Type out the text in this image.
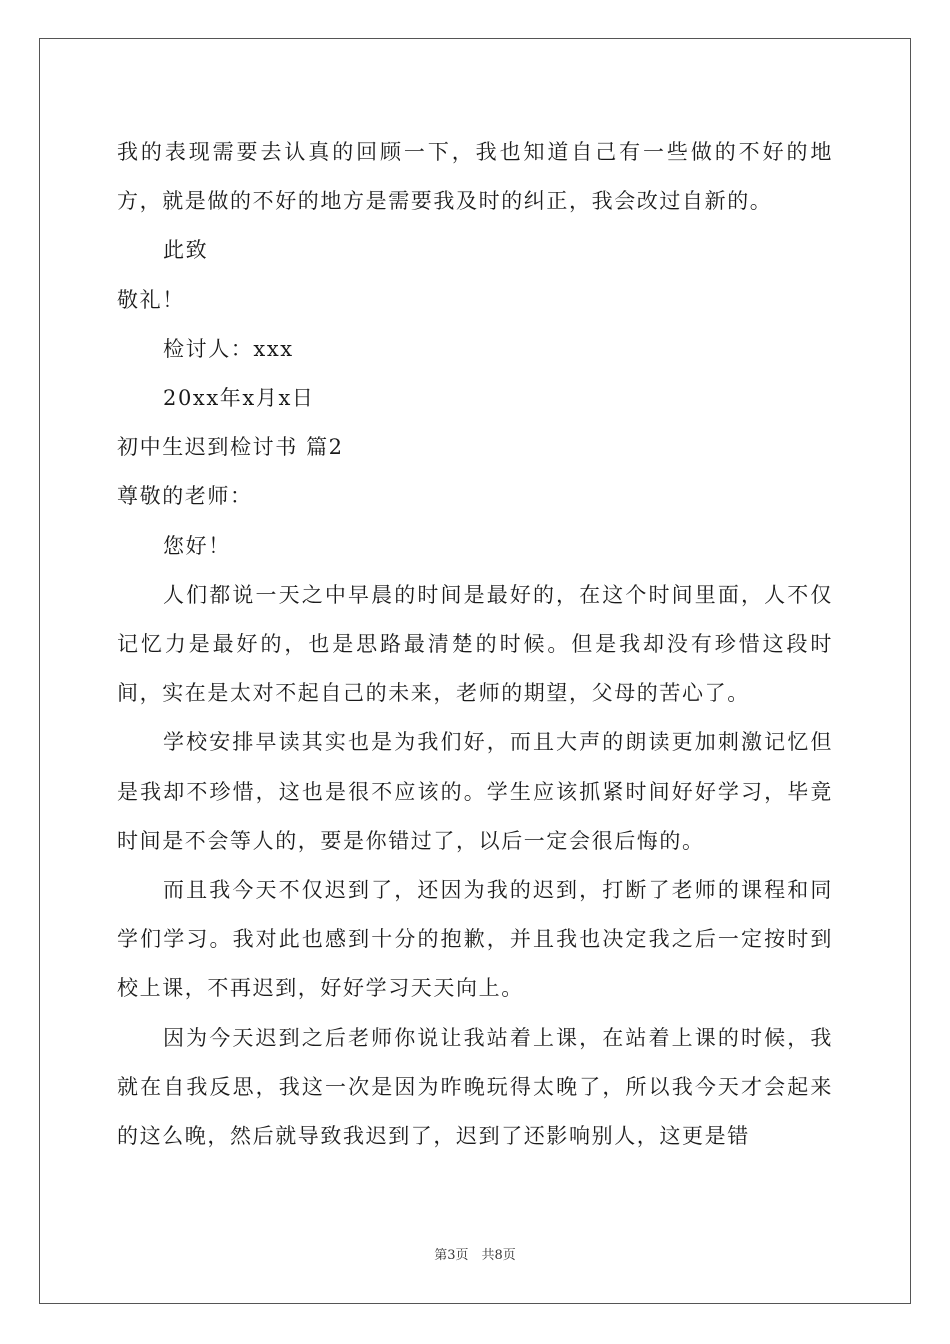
我的表现需要去认真的回顾一下，我也知道自己有一些做的不好的地方，就是做的不好的地方是需要我及时的纠正，我会改过自新的。

此致

敬礼！

检讨人：xxx

20xx年x月x日

初中生迟到检讨书 篇2

尊敬的老师：

您好！

人们都说一天之中早晨的时间是最好的，在这个时间里面，人不仅记忆力是最好的，也是思路最清楚的时候。但是我却没有珍惜这段时间，实在是太对不起自己的未来，老师的期望，父母的苦心了。

学校安排早读其实也是为我们好，而且大声的朗读更加刺激记忆但是我却不珍惜，这也是很不应该的。学生应该抓紧时间好好学习，毕竟时间是不会等人的，要是你错过了，以后一定会很后悔的。

而且我今天不仅迟到了，还因为我的迟到，打断了老师的课程和同学们学习。我对此也感到十分的抱歉，并且我也决定我之后一定按时到校上课，不再迟到，好好学习天天向上。

因为今天迟到之后老师你说让我站着上课，在站着上课的时候，我就在自我反思，我这一次是因为昨晚玩得太晚了，所以我今天才会起来的这么晚，然后就导致我迟到了，迟到了还影响别人，这更是错

第3页　共8页
